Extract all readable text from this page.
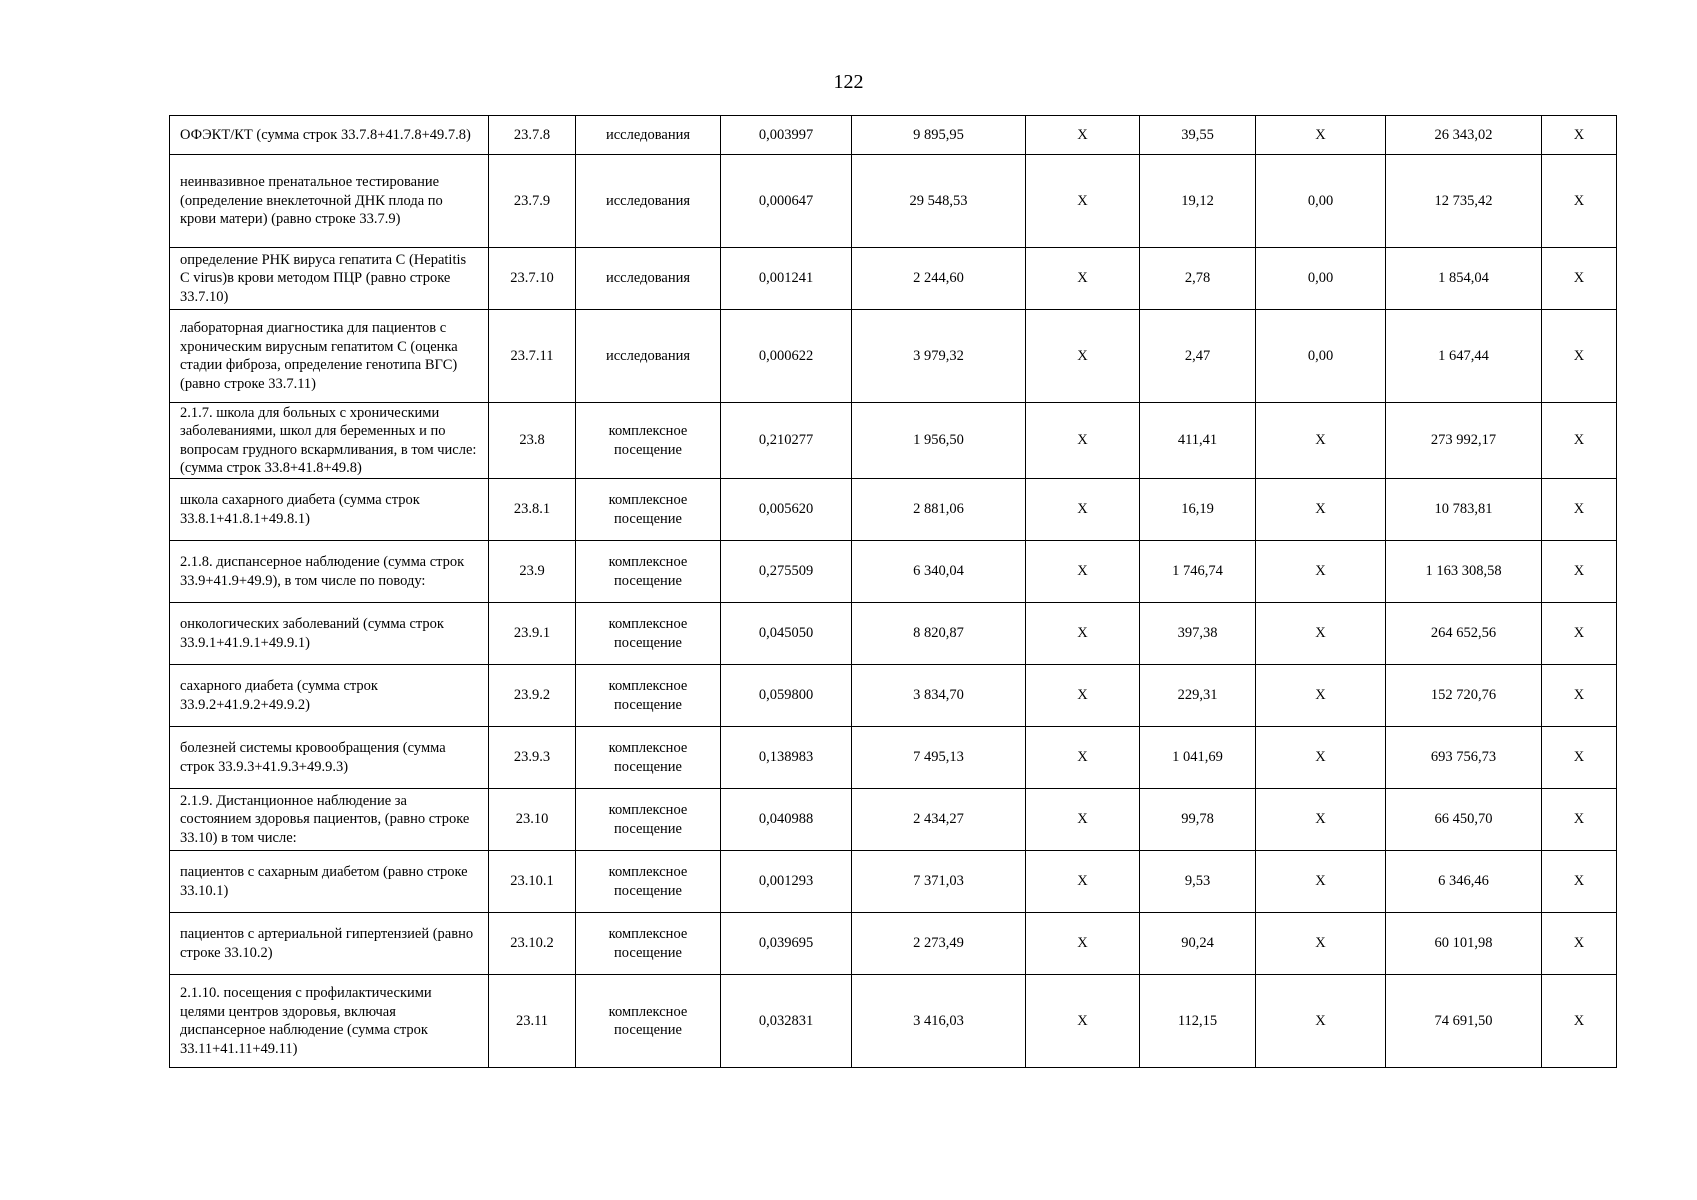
122
ОФЭКТ/КТ (сумма строк 33.7.8+41.7.8+49.7.8)	23.7.8	исследования	0,003997	9 895,95	X	39,55	X	26 343,02	X
неинвазивное пренатальное тестирование (определение внеклеточной ДНК плода по крови матери) (равно строке 33.7.9)	23.7.9	исследования	0,000647	29 548,53	X	19,12	0,00	12 735,42	X
определение РНК вируса гепатита C (Hepatitis C virus)в крови методом ПЦР (равно строке 33.7.10)	23.7.10	исследования	0,001241	2 244,60	X	2,78	0,00	1 854,04	X
лабораторная диагностика для пациентов с хроническим вирусным гепатитом С (оценка стадии фиброза, определение генотипа ВГС) (равно строке 33.7.11)	23.7.11	исследования	0,000622	3 979,32	X	2,47	0,00	1 647,44	X
2.1.7. школа для больных с хроническими заболеваниями, школ для беременных и по вопросам грудного вскармливания, в том числе: (сумма строк 33.8+41.8+49.8)	23.8	комплексное посещение	0,210277	1 956,50	X	411,41	X	273 992,17	X
школа сахарного диабета (сумма строк 33.8.1+41.8.1+49.8.1)	23.8.1	комплексное посещение	0,005620	2 881,06	X	16,19	X	10 783,81	X
2.1.8. диспансерное наблюдение (сумма строк 33.9+41.9+49.9), в том числе по поводу:	23.9	комплексное посещение	0,275509	6 340,04	X	1 746,74	X	1 163 308,58	X
онкологических заболеваний (сумма строк 33.9.1+41.9.1+49.9.1)	23.9.1	комплексное посещение	0,045050	8 820,87	X	397,38	X	264 652,56	X
сахарного диабета (сумма строк 33.9.2+41.9.2+49.9.2)	23.9.2	комплексное посещение	0,059800	3 834,70	X	229,31	X	152 720,76	X
болезней системы кровообращения (сумма строк 33.9.3+41.9.3+49.9.3)	23.9.3	комплексное посещение	0,138983	7 495,13	X	1 041,69	X	693 756,73	X
2.1.9. Дистанционное наблюдение за состоянием здоровья пациентов, (равно строке 33.10) в том числе:	23.10	комплексное посещение	0,040988	2 434,27	X	99,78	X	66 450,70	X
пациентов с сахарным диабетом (равно строке 33.10.1)	23.10.1	комплексное посещение	0,001293	7 371,03	X	9,53	X	6 346,46	X
пациентов с артериальной гипертензией (равно строке 33.10.2)	23.10.2	комплексное посещение	0,039695	2 273,49	X	90,24	X	60 101,98	X
2.1.10. посещения с профилактическими целями центров здоровья, включая диспансерное наблюдение (сумма строк 33.11+41.11+49.11)	23.11	комплексное посещение	0,032831	3 416,03	X	112,15	X	74 691,50	X
